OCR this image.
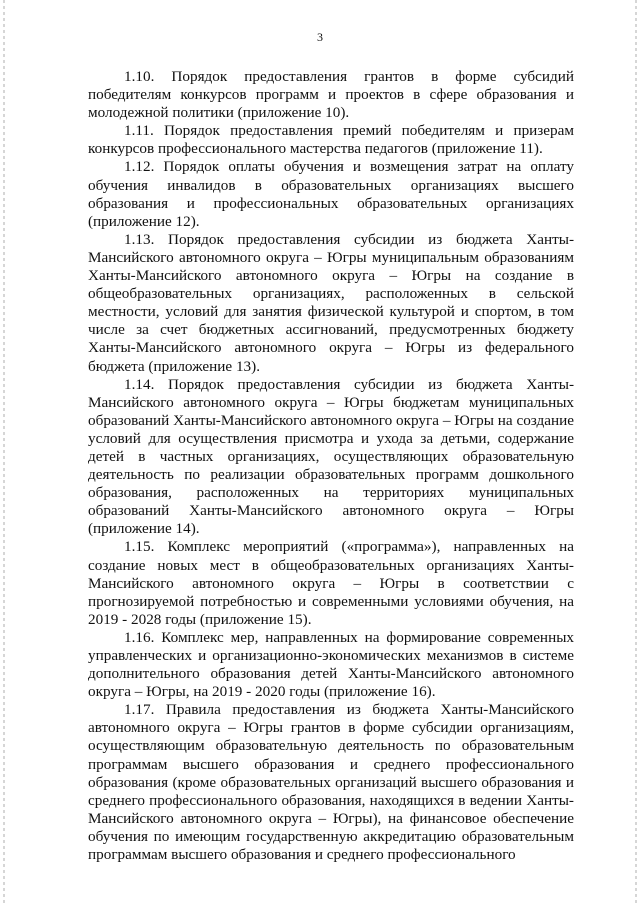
3

1.10. Порядок предоставления грантов в форме субсидий победителям конкурсов программ и проектов в сфере образования и молодежной политики (приложение 10).

1.11. Порядок предоставления премий победителям и призерам конкурсов профессионального мастерства педагогов (приложение 11).

1.12. Порядок оплаты обучения и возмещения затрат на оплату обучения инвалидов в образовательных организациях высшего образования и профессиональных образовательных организациях (приложение 12).

1.13. Порядок предоставления субсидии из бюджета Ханты-Мансийского автономного округа – Югры муниципальным образованиям Ханты-Мансийского автономного округа – Югры на создание в общеобразовательных организациях, расположенных в сельской местности, условий для занятия физической культурой и спортом, в том числе за счет бюджетных ассигнований, предусмотренных бюджету Ханты-Мансийского автономного округа – Югры из федерального бюджета (приложение 13).

1.14. Порядок предоставления субсидии из бюджета Ханты-Мансийского автономного округа – Югры бюджетам муниципальных образований Ханты-Мансийского автономного округа – Югры на создание условий для осуществления присмотра и ухода за детьми, содержание детей в частных организациях, осуществляющих образовательную деятельность по реализации образовательных программ дошкольного образования, расположенных на территориях муниципальных образований Ханты-Мансийского автономного округа – Югры (приложение 14).

1.15. Комплекс мероприятий («программа»), направленных на создание новых мест в общеобразовательных организациях Ханты-Мансийского автономного округа – Югры в соответствии с прогнозируемой потребностью и современными условиями обучения, на 2019 - 2028 годы (приложение 15).

1.16. Комплекс мер, направленных на формирование современных управленческих и организационно-экономических механизмов в системе дополнительного образования детей Ханты-Мансийского автономного округа – Югры, на 2019 - 2020 годы (приложение 16).

1.17. Правила предоставления из бюджета Ханты-Мансийского автономного округа – Югры грантов в форме субсидии организациям, осуществляющим образовательную деятельность по образовательным программам высшего образования и среднего профессионального образования (кроме образовательных организаций высшего образования и среднего профессионального образования, находящихся в ведении Ханты-Мансийского автономного округа – Югры), на финансовое обеспечение обучения по имеющим государственную аккредитацию образовательным программам высшего образования и среднего профессионального
